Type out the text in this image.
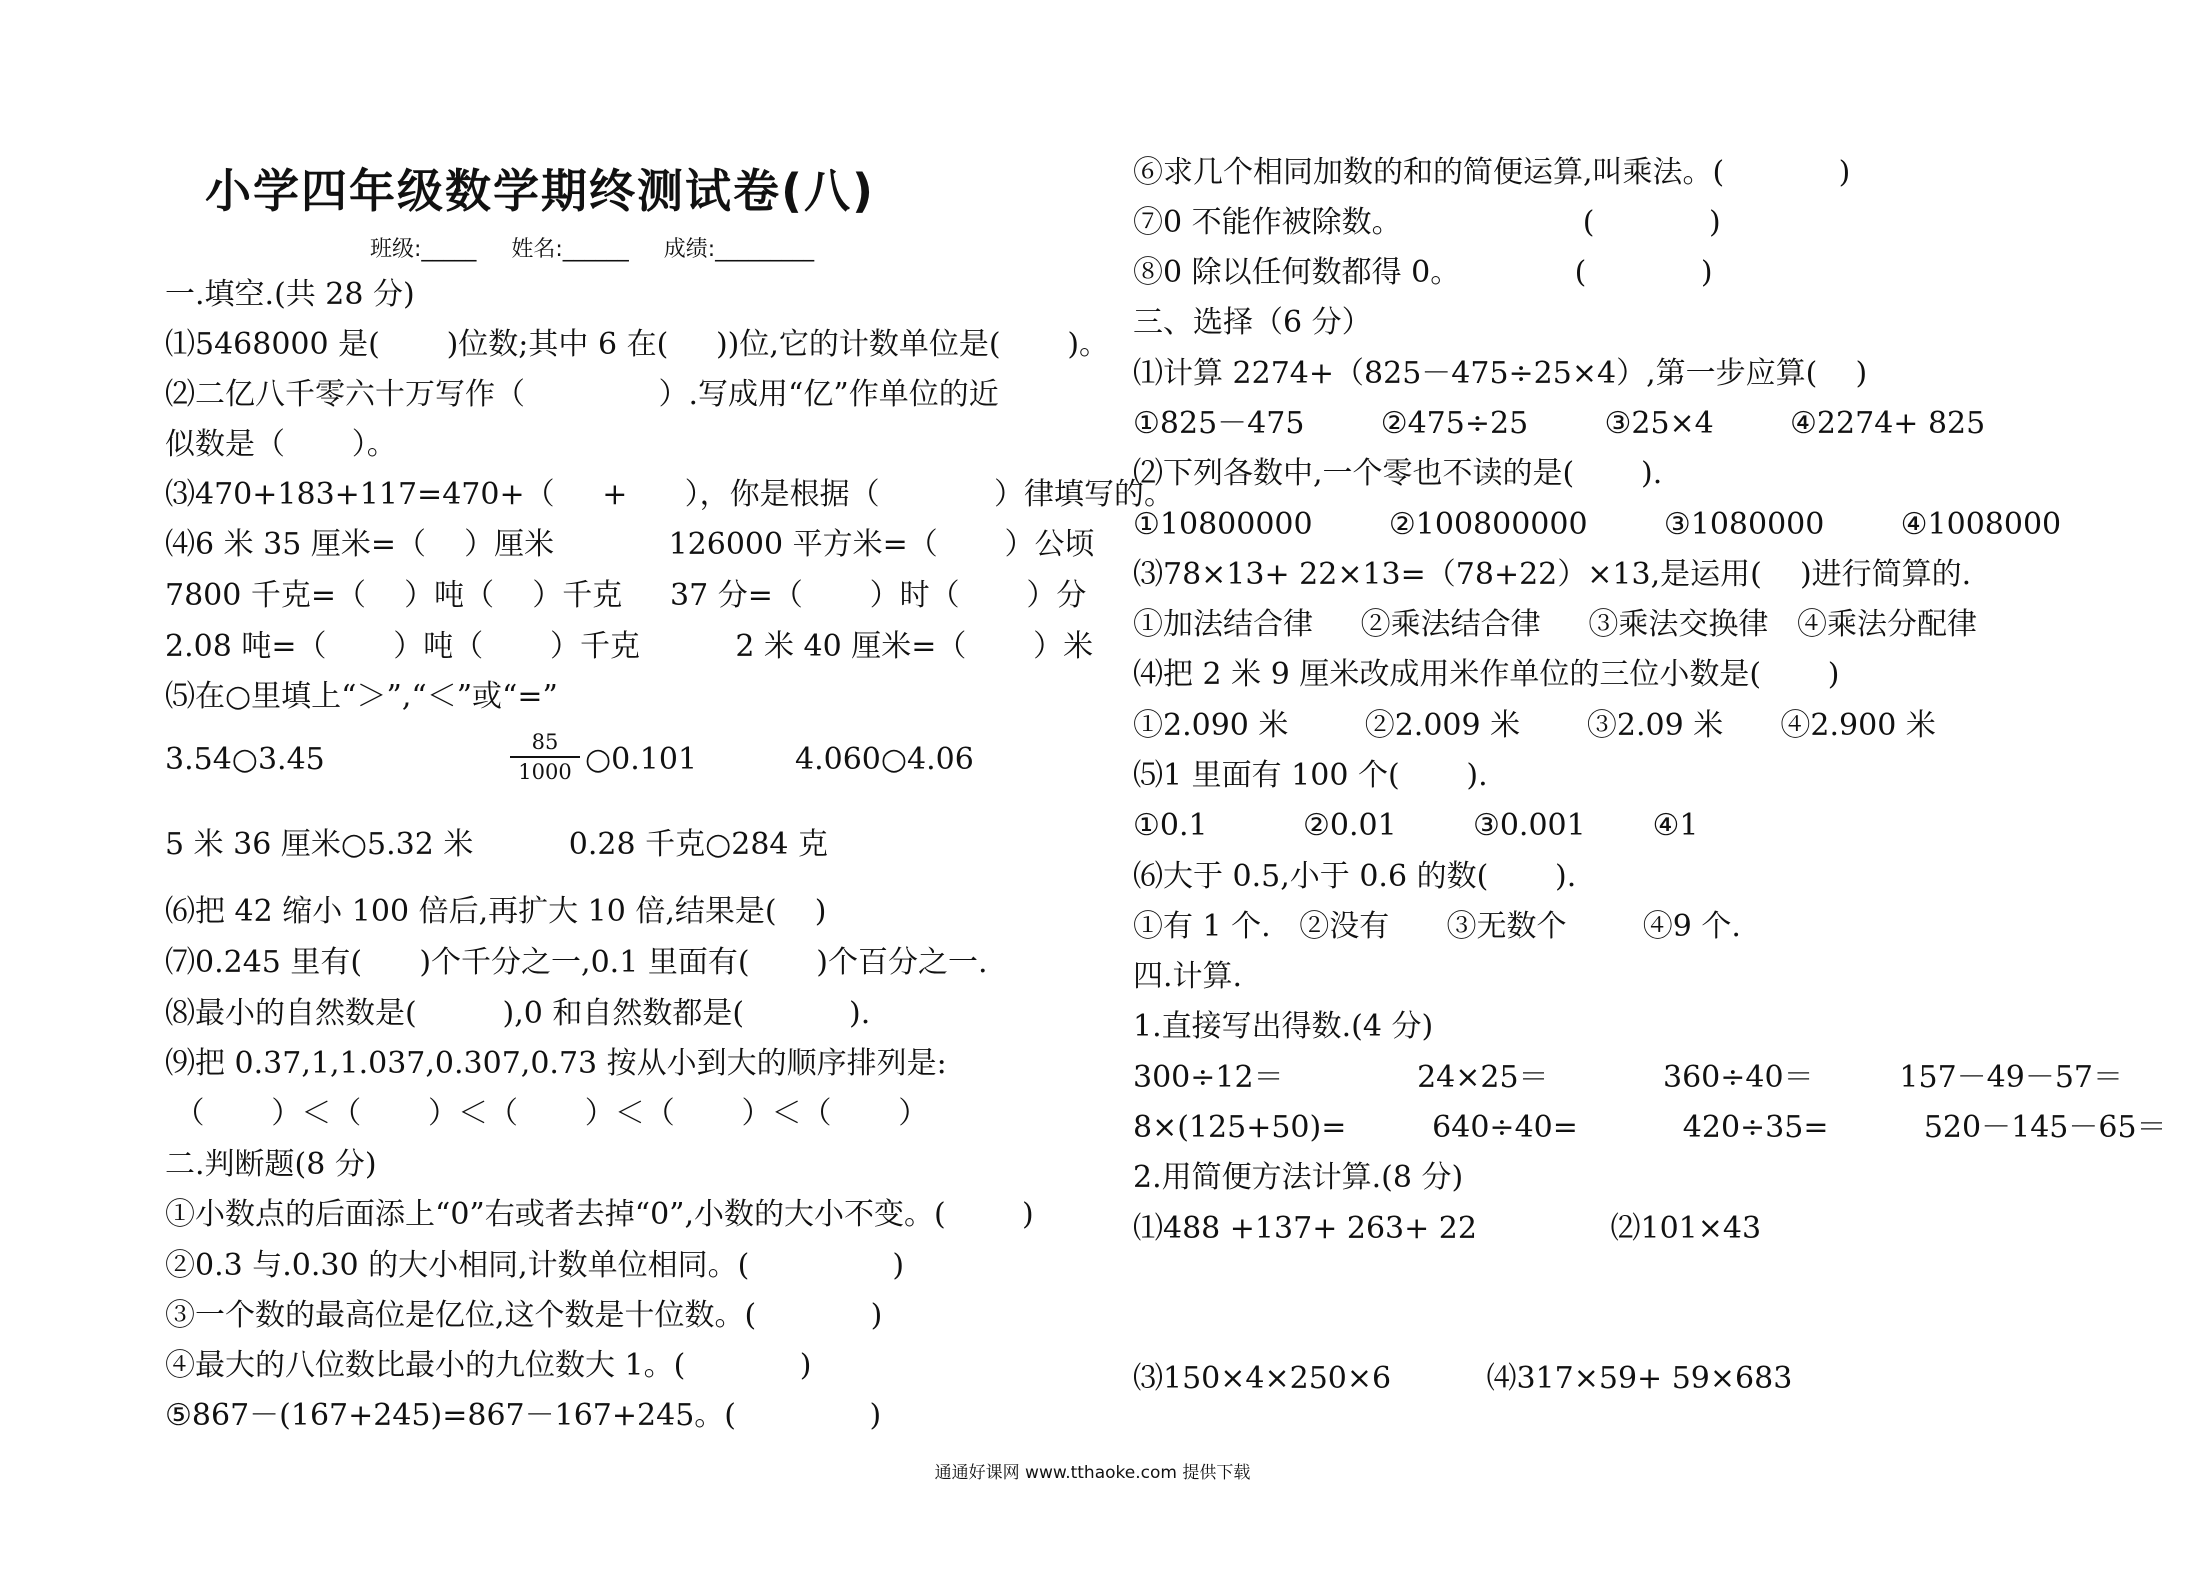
小学四年级数学期终测试卷(八)
班级:_____     姓名:______     成绩:_________
一.填空.(共 28 分)
⑴5468000 是(       )位数;其中 6 在(     ))位,它的计数单位是(       )。
⑵二亿八千零六十万写作（              ）.写成用“亿”作单位的近
似数是（       ）。
⑶470+183+117=470+（     +      ），你是根据（            ）律填写的。
⑷6 米 35 厘米=（    ）厘米            126000 平方米=（       ）公顷
7800 千克=（    ）吨（    ）千克     37 分=（       ）时（       ）分
2.08 吨=（       ）吨（       ）千克          2 米 40 厘米=（       ）米
⑸在○里填上“＞”,“＜”或“=”
3.54○3.45	$\frac{85}{1000}$ ○0.101	4.060○4.06
5 米 36 厘米○5.32 米          0.28 千克○284 克
⑹把 42 缩小 100 倍后,再扩大 10 倍,结果是(    )
⑺0.245 里有(      )个千分之一,0.1 里面有(       )个百分之一.
⑻最小的自然数是(         ),0 和自然数都是(           ).
⑼把 0.37,1,1.037,0.307,0.73 按从小到大的顺序排列是:
（       ）＜（       ）＜（       ）＜（       ）＜（       ）
二.判断题(8 分)
①小数点的后面添上“0”右或者去掉“0”,小数的大小不变。(        )
②0.3 与.0.30 的大小相同,计数单位相同。(               )
③一个数的最高位是亿位,这个数是十位数。(            )
④最大的八位数比最小的九位数大 1。(            )
⑤867－(167+245)=867－167+245。(              )
⑥求几个相同加数的和的简便运算,叫乘法。(            )
⑦0 不能作被除数。                   (            )
⑧0 除以任何数都得 0。            (            )
三、选择（6 分）
⑴计算 2274+（825－475÷25×4）,第一步应算(    )
①825－475        ②475÷25        ③25×4        ④2274+ 825
⑵下列各数中,一个零也不读的是(       ).
①10800000        ②100800000        ③1080000        ④1008000
⑶78×13+ 22×13=（78+22）×13,是运用(    )进行简算的.
①加法结合律     ②乘法结合律     ③乘法交换律   ④乘法分配律
⑷把 2 米 9 厘米改成用米作单位的三位小数是(       )
①2.090 米        ②2.009 米       ③2.09 米      ④2.900 米
⑸1 里面有 100 个(       ).
①0.1          ②0.01        ③0.001       ④1
⑹大于 0.5,小于 0.6 的数(       ).
①有 1 个.   ②没有      ③无数个        ④9 个.
四.计算.
1.直接写出得数.(4 分)
300÷12＝              24×25＝            360÷40＝         157－49－57＝
8×(125+50)=         640÷40=           420÷35=          520－145－65＝
2.用简便方法计算.(8 分)
⑴488 +137+ 263+ 22              ⑵101×43
⑶150×4×250×6          ⑷317×59+ 59×683
通通好课网 www.tthaoke.com 提供下载
